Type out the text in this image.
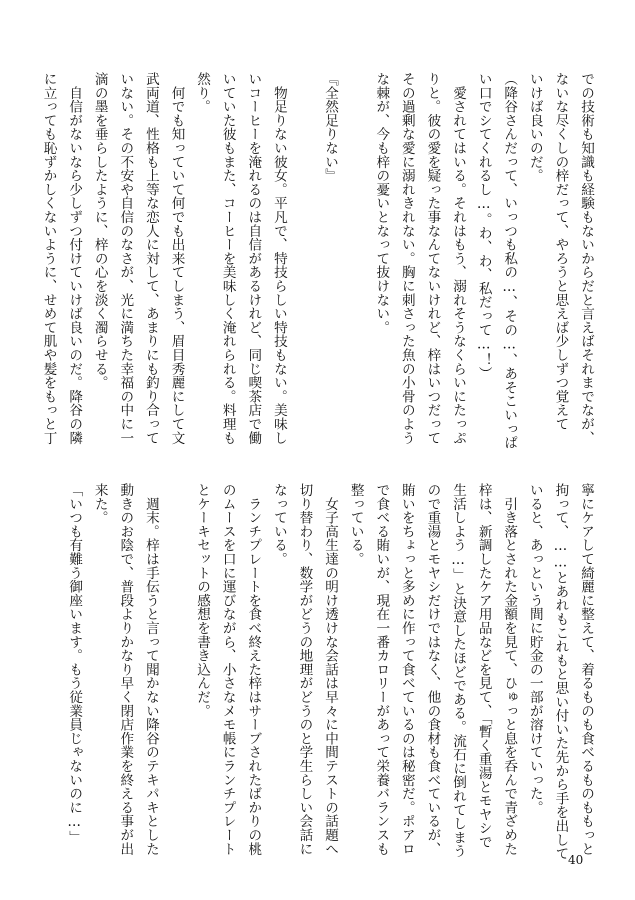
での技術も知識も経験もないからだと言えばそれまでなが、
ないな尽くしの梓だって、やろうと思えば少しずつ覚えて
いけば良いのだ。
（降谷さんだって、いっつも私の…、その…、あそこいっぱ
い口でシてくれるし…。わ、わ、私だって…！）
　愛されてはいる。それはもう、溺れそうなくらいにたっぷ
りと。彼の愛を疑った事なんてないけれど、梓はいつだって
その過剰な愛に溺れきれない。胸に刺さった魚の小骨のよう
な棘が、今も梓の憂いとなって抜けない。

『全然足りない』

　物足りない彼女。平凡で、特技らしい特技もない。美味し
いコーヒーを淹れるのは自信があるけれど、同じ喫茶店で働
いていた彼もまた、コーヒーを美味しく淹れられる。料理も
然り。
　何でも知っていて何でも出来てしまう、眉目秀麗にして文
武両道、性格も上等な恋人に対して、あまりにも釣り合って
いない。その不安や自信のなさが、光に満ちた幸福の中に一
滴の墨を垂らしたように、梓の心を淡く濁らせる。
　自信がないなら少しずつ付けていけば良いのだ。降谷の隣
に立っても恥ずかしくないように、せめて肌や髪をもっと丁
寧にケアして綺麗に整えて、着るものも食べるものももっと
拘って、……とあれもこれもと思い付いた先から手を出して
いると、あっという間に貯金の一部が溶けていった。
　引き落とされた金額を見て、ひゅっと息を呑んで青ざめた
梓は、新調したケア用品などを見て、「暫く重湯とモヤシで
生活しよう…」と決意したほどである。流石に倒れてしまう
ので重湯とモヤシだけではなく、他の食材も食べているが、
賄いをちょっと多めに作って食べているのは秘密だ。ポアロ
で食べる賄いが、現在一番カロリーがあって栄養バランスも
整っている。
　女子高生達の明け透けな会話は早々に中間テストの話題へ
切り替わり、数学がどうの地理がどうのと学生らしい会話に
なっている。
　ランチプレートを食べ終えた梓はサーブされたばかりの桃
のムースを口に運びながら、小さなメモ帳にランチプレート
とケーキセットの感想を書き込んだ。

　週末。梓は手伝うと言って聞かない降谷のテキパキとした
動きのお陰で、普段よりかなり早く閉店作業を終える事が出
来た。
「いつも有難う御座います。もう従業員じゃないのに…」
40
